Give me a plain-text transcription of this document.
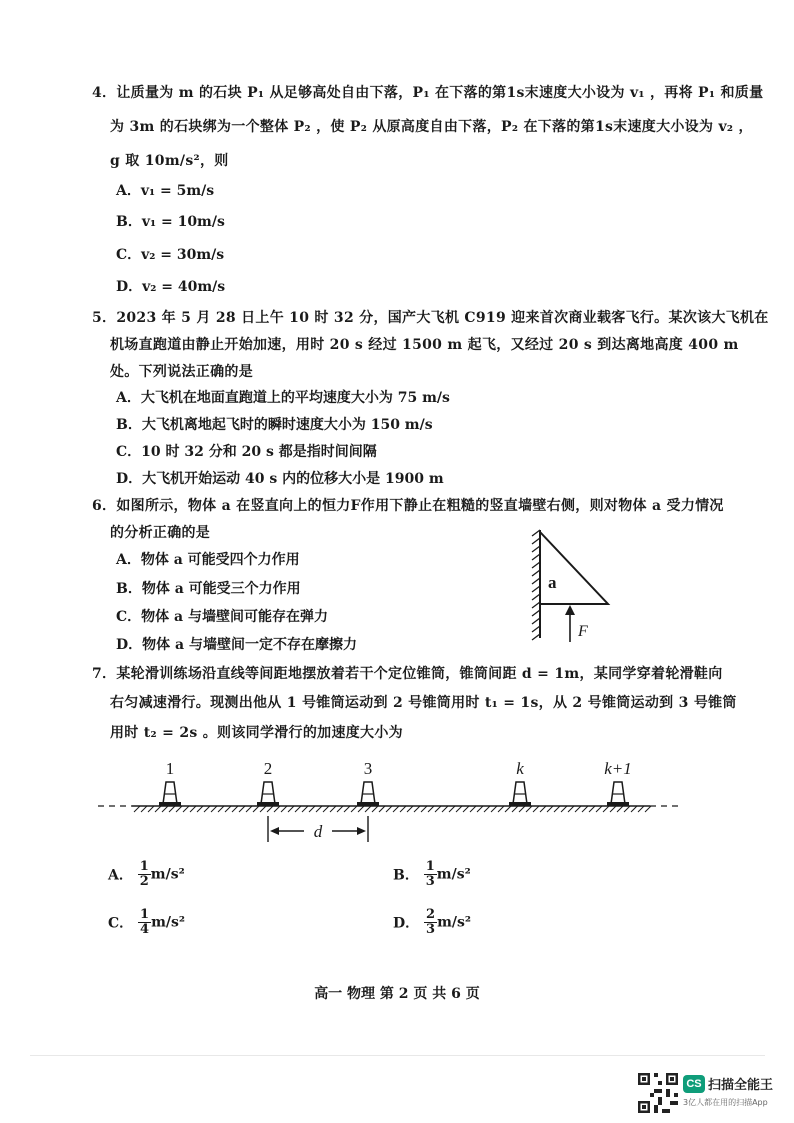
4．让质量为 m 的石块 P₁ 从足够高处自由下落，P₁ 在下落的第1s末速度大小设为 v₁ ，再将 P₁ 和质量
为 3m 的石块绑为一个整体 P₂ ，使 P₂ 从原高度自由下落，P₂ 在下落的第1s末速度大小设为 v₂ ，
g 取 10m/s²，则
A．v₁ = 5m/s
B．v₁ = 10m/s
C．v₂ = 30m/s
D．v₂ = 40m/s
5．2023 年 5 月 28 日上午 10 时 32 分，国产大飞机 C919 迎来首次商业载客飞行。某次该大飞机在
机场直跑道由静止开始加速，用时 20 s 经过 1500 m 起飞，又经过 20 s 到达离地高度 400 m
处。下列说法正确的是
A．大飞机在地面直跑道上的平均速度大小为 75 m/s
B．大飞机离地起飞时的瞬时速度大小为 150 m/s
C．10 时 32 分和 20 s 都是指时间间隔
D．大飞机开始运动 40 s 内的位移大小是 1900 m
6．如图所示，物体 a 在竖直向上的恒力F作用下静止在粗糙的竖直墙壁右侧，则对物体 a 受力情况
的分析正确的是
A．物体 a 可能受四个力作用
B．物体 a 可能受三个力作用
C．物体 a 与墙壁间可能存在弹力
D．物体 a 与墙壁间一定不存在摩擦力
a
F
7．某轮滑训练场沿直线等间距地摆放着若干个定位锥筒，锥筒间距 d = 1m，某同学穿着轮滑鞋向
右匀减速滑行。现测出他从 1 号锥筒运动到 2 号锥筒用时 t₁ = 1s，从 2 号锥筒运动到 3 号锥筒
用时 t₂ = 2s 。则该同学滑行的加速度大小为
1	2	3	k	k+1
d
A． $\frac{1}{2} m/s^2$	B． $\frac{1}{3} m/s^2$
C． $\frac{1}{4} m/s^2$	D． $\frac{2}{3} m/s^2$
高一 物理 第 2 页 共 6 页
CS 扫描全能王
3亿人都在用的扫描App
